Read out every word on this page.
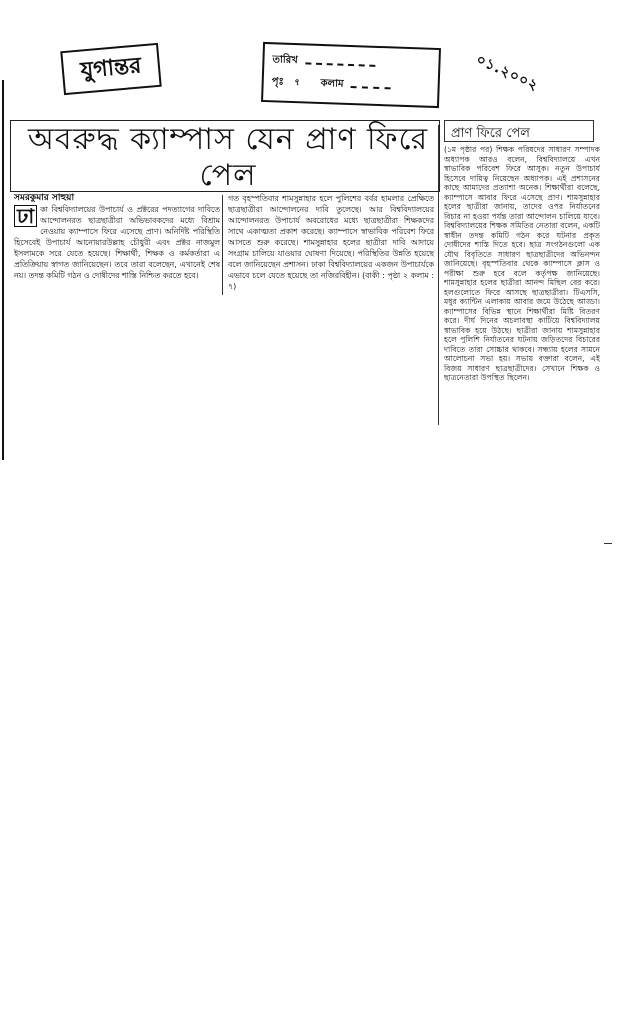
যুগান্তর	তারিখ
পৃঃ ৭ কলাম	০১.২০০২
অবরুদ্ধ ক্যাম্পাস যেন প্রাণ ফিরে পেল
সমরকুমার সাহুয়া
ঢা কা বিশ্ববিদ্যালয়ের উপাচার্য ও প্রক্টরের পদত্যাগের দাবিতে আন্দোলনরত ছাত্রছাত্রীরা অভিভাবকদের মধ্যে বিশ্রাম নেওয়ায় ক্যাম্পাসে ফিরে এসেছে প্রাণ। অনির্দিষ্ট পরিস্থিতি হিসেবেই উপাচার্য আনোয়ারউল্লাহ চৌধুরী এবং প্রক্টর নাজমুল ইসলামকে সরে যেতে হয়েছে। শিক্ষার্থী, শিক্ষক ও কর্মকর্তারা এ প্রতিক্রিয়ায় স্বাগত জানিয়েছেন। তবে তারা বলেছেন, এখানেই শেষ নয়। তদন্ত কমিটি গঠন ও দোষীদের শাস্তি নিশ্চিত করতে হবে।
গত বৃহস্পতিবার শামসুন্নাহার হলে পুলিশের বর্বর হামলার প্রেক্ষিতে ছাত্রছাত্রীরা আন্দোলনের দাবি তুলেছে। আর বিশ্ববিদ্যালয়ের আন্দোলনরত উপাচার্য অবরোধের মধ্যে ছাত্রছাত্রীরা শিক্ষকদের সাথে একাত্মতা প্রকাশ করেছে। ক্যাম্পাসে স্বাভাবিক পরিবেশ ফিরে আসতে শুরু করেছে। শামসুন্নাহার হলের ছাত্রীরা দাবি আদায়ে সংগ্রাম চালিয়ে যাওয়ার ঘোষণা দিয়েছে। পরিস্থিতির উন্নতি হয়েছে বলে জানিয়েছেন প্রশাসন। ঢাকা বিশ্ববিদ্যালয়ের একজন উপাচার্যকে এভাবে চলে যেতে হয়েছে তা নজিরবিহীন। (বাকী : পৃষ্ঠা ২ কলাম : ৭)
প্রাণ ফিরে পেল
(১ম পৃষ্ঠার পর) শিক্ষক পরিষদের সাধারণ সম্পাদক অধ্যাপক আরও বলেন, বিশ্ববিদ্যালয়ে এখন স্বাভাবিক পরিবেশ ফিরে আসুক। নতুন উপাচার্য হিসেবে দায়িত্ব নিয়েছেন অধ্যাপক। এই প্রশাসনের কাছে আমাদের প্রত্যাশা অনেক। শিক্ষার্থীরা বলেছে, ক্যাম্পাসে আবার ফিরে এসেছে প্রাণ। শামসুন্নাহার হলের ছাত্রীরা জানায়, তাদের ওপর নির্যাতনের বিচার না হওয়া পর্যন্ত তারা আন্দোলন চালিয়ে যাবে। বিশ্ববিদ্যালয়ের শিক্ষক সমিতির নেতারা বলেন, একটি স্বাধীন তদন্ত কমিটি গঠন করে ঘটনার প্রকৃত দোষীদের শাস্তি দিতে হবে। ছাত্র সংগঠনগুলো এক যৌথ বিবৃতিতে সাধারণ ছাত্রছাত্রীদের অভিনন্দন জানিয়েছে। বৃহস্পতিবার থেকে ক্যাম্পাসে ক্লাস ও পরীক্ষা শুরু হবে বলে কর্তৃপক্ষ জানিয়েছে। শামসুন্নাহার হলের ছাত্রীরা আনন্দ মিছিল বের করে। হলগুলোতে ফিরে আসছে ছাত্রছাত্রীরা। টিএসসি, মধুর ক্যান্টিন এলাকায় আবার জমে উঠেছে আড্ডা। ক্যাম্পাসের বিভিন্ন স্থানে শিক্ষার্থীরা মিষ্টি বিতরণ করে। দীর্ঘ দিনের অচলাবস্থা কাটিয়ে বিশ্ববিদ্যালয় স্বাভাবিক হয়ে উঠছে। ছাত্রীরা জানায় শামসুন্নাহার হলে পুলিশি নির্যাতনের ঘটনায় জড়িতদের বিচারের দাবিতে তারা সোচ্চার থাকবে। সন্ধ্যায় হলের সামনে আলোচনা সভা হয়। সভায় বক্তারা বলেন, এই বিজয় সাধারণ ছাত্রছাত্রীদের। সেখানে শিক্ষক ও ছাত্রনেতারা উপস্থিত ছিলেন।
